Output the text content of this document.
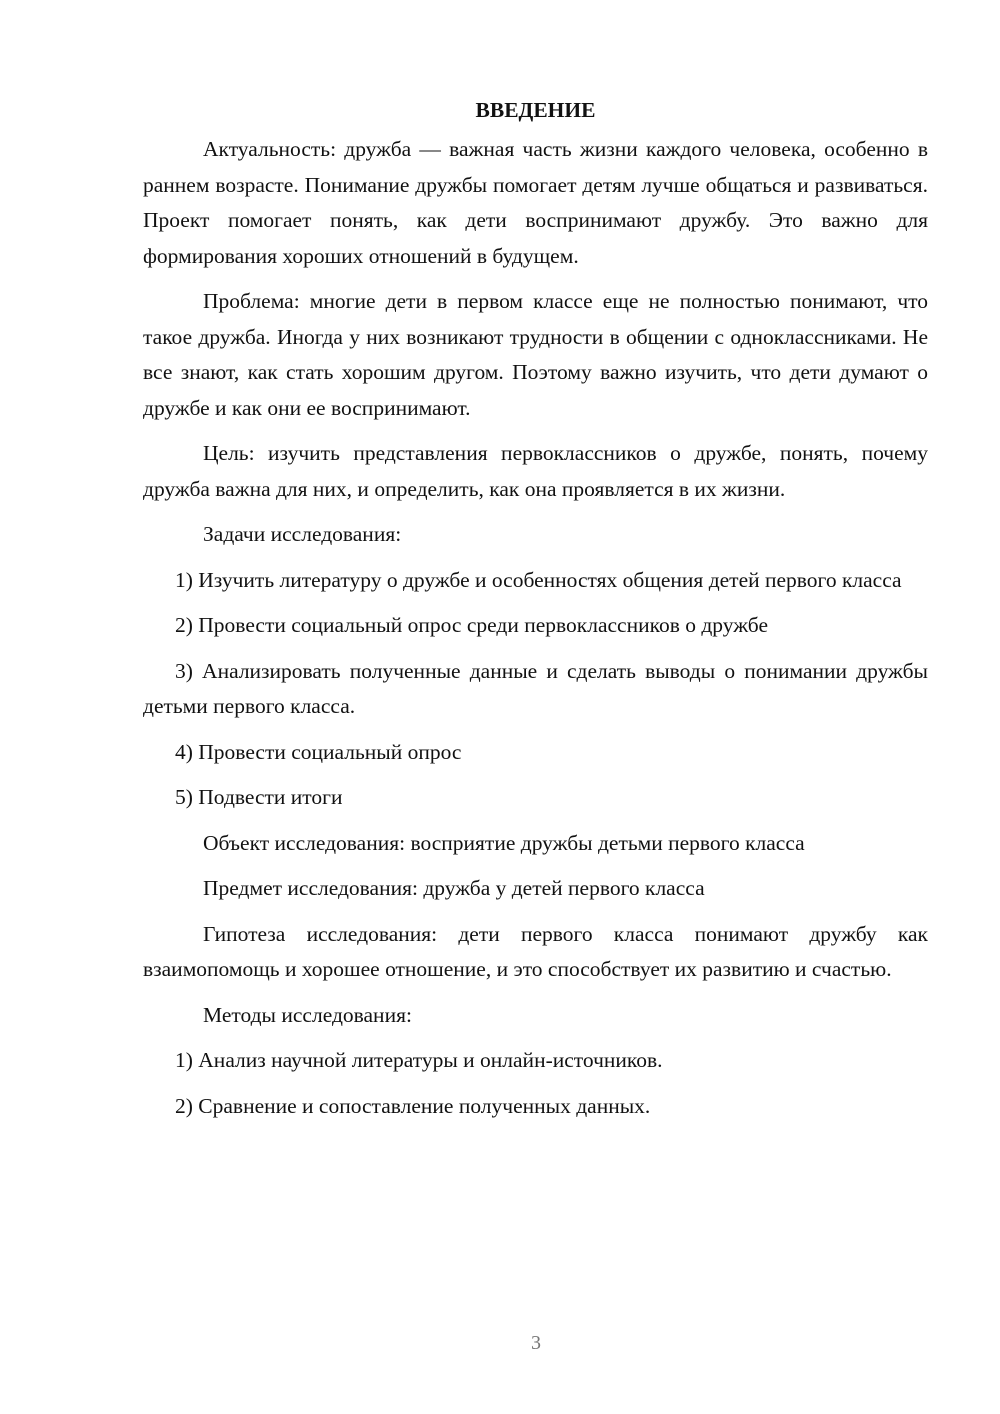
ВВЕДЕНИЕ

Актуальность: дружба — важная часть жизни каждого человека, особенно в раннем возрасте. Понимание дружбы помогает детям лучше общаться и развиваться. Проект помогает понять, как дети воспринимают дружбу. Это важно для формирования хороших отношений в будущем.

Проблема: многие дети в первом классе еще не полностью понимают, что такое дружба. Иногда у них возникают трудности в общении с одноклассниками. Не все знают, как стать хорошим другом. Поэтому важно изучить, что дети думают о дружбе и как они ее воспринимают.

Цель: изучить представления первоклассников о дружбе, понять, почему дружба важна для них, и определить, как она проявляется в их жизни.

Задачи исследования:

1) Изучить литературу о дружбе и особенностях общения детей первого класса

2) Провести социальный опрос среди первоклассников о дружбе

3) Анализировать полученные данные и сделать выводы о понимании дружбы детьми первого класса.

4) Провести социальный опрос

5) Подвести итоги

Объект исследования: восприятие дружбы детьми первого класса

Предмет исследования: дружба у детей первого класса

Гипотеза исследования: дети первого класса понимают дружбу как взаимопомощь и хорошее отношение, и это способствует их развитию и счастью.

Методы исследования:

1) Анализ научной литературы и онлайн-источников.

2) Сравнение и сопоставление полученных данных.

3
